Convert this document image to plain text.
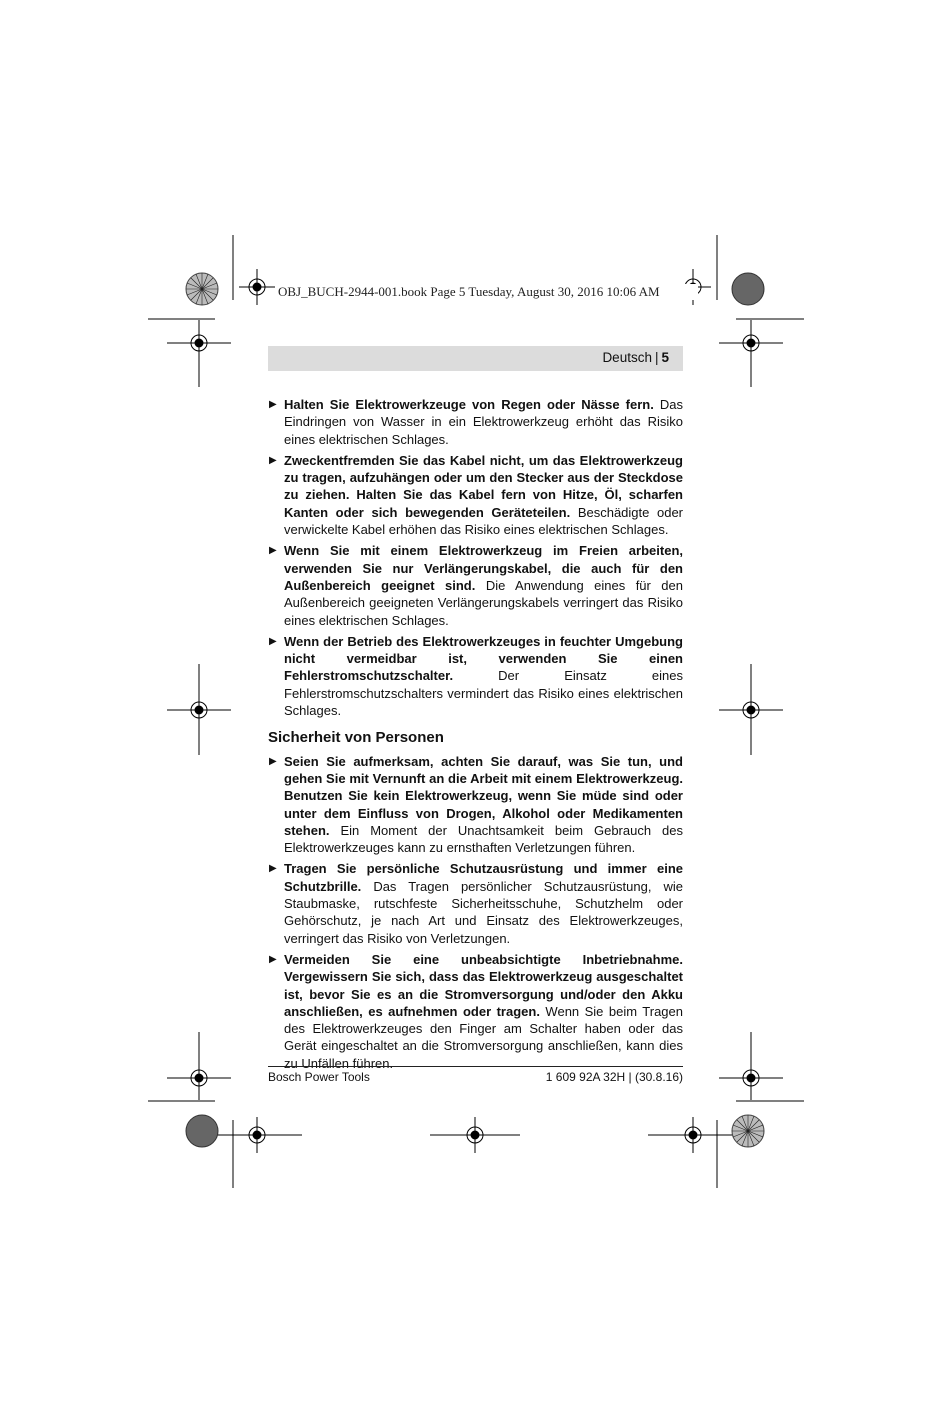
OBJ_BUCH-2944-001.book Page 5 Tuesday, August 30, 2016 10:06 AM
Deutsch | 5
▶ Halten Sie Elektrowerkzeuge von Regen oder Nässe fern. Das Eindringen von Wasser in ein Elektrowerkzeug erhöht das Risiko eines elektrischen Schlages.
▶ Zweckentfremden Sie das Kabel nicht, um das Elektrowerkzeug zu tragen, aufzuhängen oder um den Stecker aus der Steckdose zu ziehen. Halten Sie das Kabel fern von Hitze, Öl, scharfen Kanten oder sich bewegenden Geräteteilen. Beschädigte oder verwickelte Kabel erhöhen das Risiko eines elektrischen Schlages.
▶ Wenn Sie mit einem Elektrowerkzeug im Freien arbeiten, verwenden Sie nur Verlängerungskabel, die auch für den Außenbereich geeignet sind. Die Anwendung eines für den Außenbereich geeigneten Verlängerungskabels verringert das Risiko eines elektrischen Schlages.
▶ Wenn der Betrieb des Elektrowerkzeuges in feuchter Umgebung nicht vermeidbar ist, verwenden Sie einen Fehlerstromschutzschalter. Der Einsatz eines Fehlerstromschutzschalters vermindert das Risiko eines elektrischen Schlages.
Sicherheit von Personen
▶ Seien Sie aufmerksam, achten Sie darauf, was Sie tun, und gehen Sie mit Vernunft an die Arbeit mit einem Elektrowerkzeug. Benutzen Sie kein Elektrowerkzeug, wenn Sie müde sind oder unter dem Einfluss von Drogen, Alkohol oder Medikamenten stehen. Ein Moment der Unachtsamkeit beim Gebrauch des Elektrowerkzeuges kann zu ernsthaften Verletzungen führen.
▶ Tragen Sie persönliche Schutzausrüstung und immer eine Schutzbrille. Das Tragen persönlicher Schutzausrüstung, wie Staubmaske, rutschfeste Sicherheitsschuhe, Schutzhelm oder Gehörschutz, je nach Art und Einsatz des Elektrowerkzeuges, verringert das Risiko von Verletzungen.
▶ Vermeiden Sie eine unbeabsichtigte Inbetriebnahme. Vergewissern Sie sich, dass das Elektrowerkzeug ausgeschaltet ist, bevor Sie es an die Stromversorgung und/oder den Akku anschließen, es aufnehmen oder tragen. Wenn Sie beim Tragen des Elektrowerkzeuges den Finger am Schalter haben oder das Gerät eingeschaltet an die Stromversorgung anschließen, kann dies zu Unfällen führen.
Bosch Power Tools	1 609 92A 32H | (30.8.16)
